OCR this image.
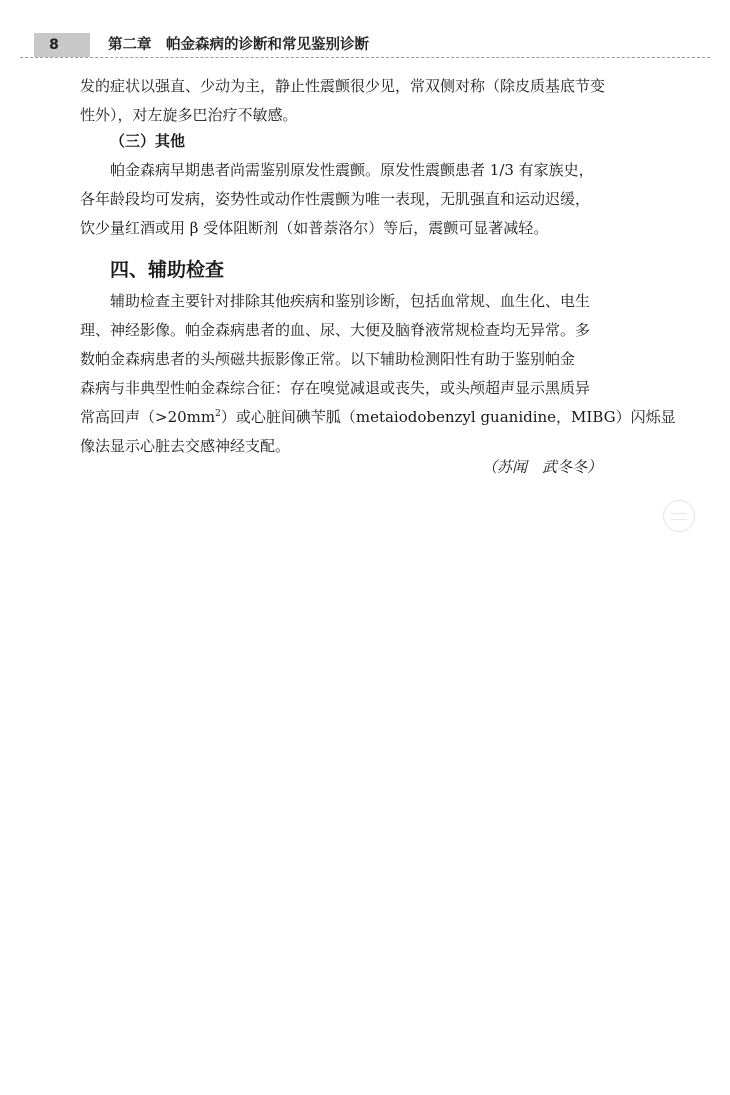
8	第二章　帕金森病的诊断和常见鉴别诊断
发的症状以强直、少动为主，静止性震颤很少见，常双侧对称（除皮质基底节变
性外），对左旋多巴治疗不敏感。
（三）其他
帕金森病早期患者尚需鉴别原发性震颤。原发性震颤患者 1/3 有家族史，
各年龄段均可发病，姿势性或动作性震颤为唯一表现，无肌强直和运动迟缓，
饮少量红酒或用 β 受体阻断剂（如普萘洛尔）等后，震颤可显著减轻。
四、辅助检查
辅助检查主要针对排除其他疾病和鉴别诊断，包括血常规、血生化、电生
理、神经影像。帕金森病患者的血、尿、大便及脑脊液常规检查均无异常。多
数帕金森病患者的头颅磁共振影像正常。以下辅助检测阳性有助于鉴别帕金
森病与非典型性帕金森综合征：存在嗅觉减退或丧失，或头颅超声显示黑质异
常高回声$(>20mm^2)$或心脏间碘苄胍（metaiodobenzyl guanidine，MIBG）闪烁显
像法显示心脏去交感神经支配。
（苏闻　武冬冬）
